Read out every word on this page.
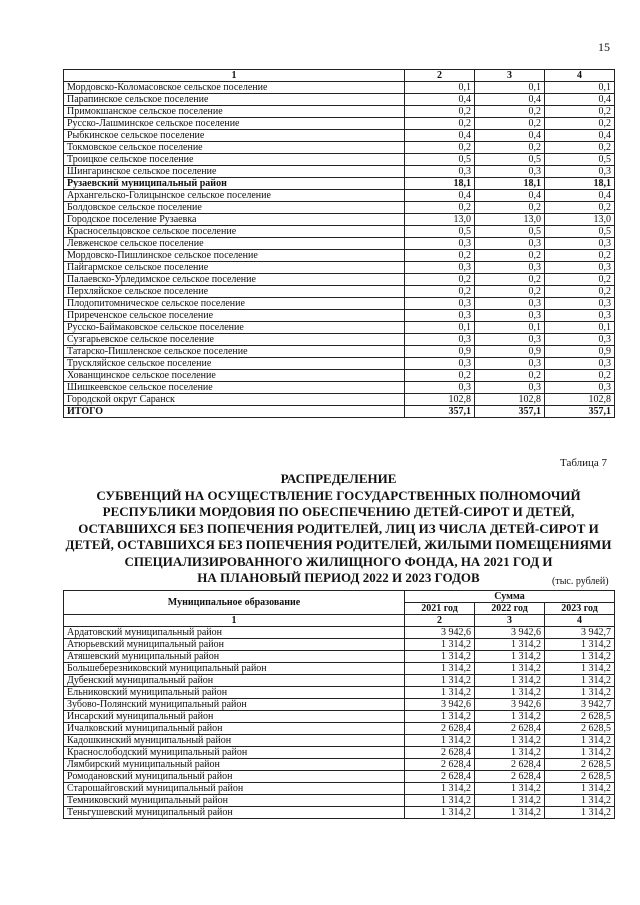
15
1	2	3	4
Мордовско-Коломасовское сельское поселение	0,1	0,1	0,1
Парапинское сельское поселение	0,4	0,4	0,4
Примокшанское сельское поселение	0,2	0,2	0,2
Русско-Лашминское сельское поселение	0,2	0,2	0,2
Рыбкинское сельское поселение	0,4	0,4	0,4
Токмовское сельское поселение	0,2	0,2	0,2
Троицкое сельское поселение	0,5	0,5	0,5
Шингаринское сельское поселение	0,3	0,3	0,3
Рузаевский муниципальный район	18,1	18,1	18,1
Архангельско-Голицынское сельское поселение	0,4	0,4	0,4
Болдовское сельское поселение	0,2	0,2	0,2
Городское поселение Рузаевка	13,0	13,0	13,0
Красносельцовское сельское поселение	0,5	0,5	0,5
Левженское сельское поселение	0,3	0,3	0,3
Мордовско-Пишлинское сельское поселение	0,2	0,2	0,2
Пайгармское сельское поселение	0,3	0,3	0,3
Палаевско-Урледимское сельское поселение	0,2	0,2	0,2
Перхляйское сельское поселение	0,2	0,2	0,2
Плодопитомническое сельское поселение	0,3	0,3	0,3
Приреченское сельское поселение	0,3	0,3	0,3
Русско-Баймаковское сельское поселение	0,1	0,1	0,1
Сузгарьевское сельское поселение	0,3	0,3	0,3
Татарско-Пишленское сельское поселение	0,9	0,9	0,9
Трускляйское сельское поселение	0,3	0,3	0,3
Хованщинское сельское поселение	0,2	0,2	0,2
Шишкеевское сельское поселение	0,3	0,3	0,3
Городской округ Саранск	102,8	102,8	102,8
ИТОГО	357,1	357,1	357,1
Таблица 7
РАСПРЕДЕЛЕНИЕ
СУБВЕНЦИЙ НА ОСУЩЕСТВЛЕНИЕ ГОСУДАРСТВЕННЫХ ПОЛНОМОЧИЙ
РЕСПУБЛИКИ МОРДОВИЯ ПО ОБЕСПЕЧЕНИЮ ДЕТЕЙ-СИРОТ И ДЕТЕЙ,
ОСТАВШИХСЯ БЕЗ ПОПЕЧЕНИЯ РОДИТЕЛЕЙ, ЛИЦ ИЗ ЧИСЛА ДЕТЕЙ-СИРОТ И
ДЕТЕЙ, ОСТАВШИХСЯ БЕЗ ПОПЕЧЕНИЯ РОДИТЕЛЕЙ, ЖИЛЫМИ ПОМЕЩЕНИЯМИ
СПЕЦИАЛИЗИРОВАННОГО ЖИЛИЩНОГО ФОНДА, НА 2021 ГОД И
НА ПЛАНОВЫЙ ПЕРИОД 2022 И 2023 ГОДОВ	(тыс. рублей)
Муниципальное образование	Сумма		
	2021 год	2022 год	2023 год
1	2	3	4
Ардатовский муниципальный район	3 942,6	3 942,6	3 942,7
Атюрьевский муниципальный район	1 314,2	1 314,2	1 314,2
Атяшевский муниципальный район	1 314,2	1 314,2	1 314,2
Большеберезниковский муниципальный район	1 314,2	1 314,2	1 314,2
Дубенский муниципальный район	1 314,2	1 314,2	1 314,2
Ельниковский муниципальный район	1 314,2	1 314,2	1 314,2
Зубово-Полянский муниципальный район	3 942,6	3 942,6	3 942,7
Инсарский муниципальный район	1 314,2	1 314,2	2 628,5
Ичалковский муниципальный район	2 628,4	2 628,4	2 628,5
Кадошкинский муниципальный район	1 314,2	1 314,2	1 314,2
Краснослободский муниципальный район	2 628,4	1 314,2	1 314,2
Лямбирский муниципальный район	2 628,4	2 628,4	2 628,5
Ромодановский муниципальный район	2 628,4	2 628,4	2 628,5
Старошайговский муниципальный район	1 314,2	1 314,2	1 314,2
Темниковский муниципальный район	1 314,2	1 314,2	1 314,2
Теньгушевский муниципальный район	1 314,2	1 314,2	1 314,2
